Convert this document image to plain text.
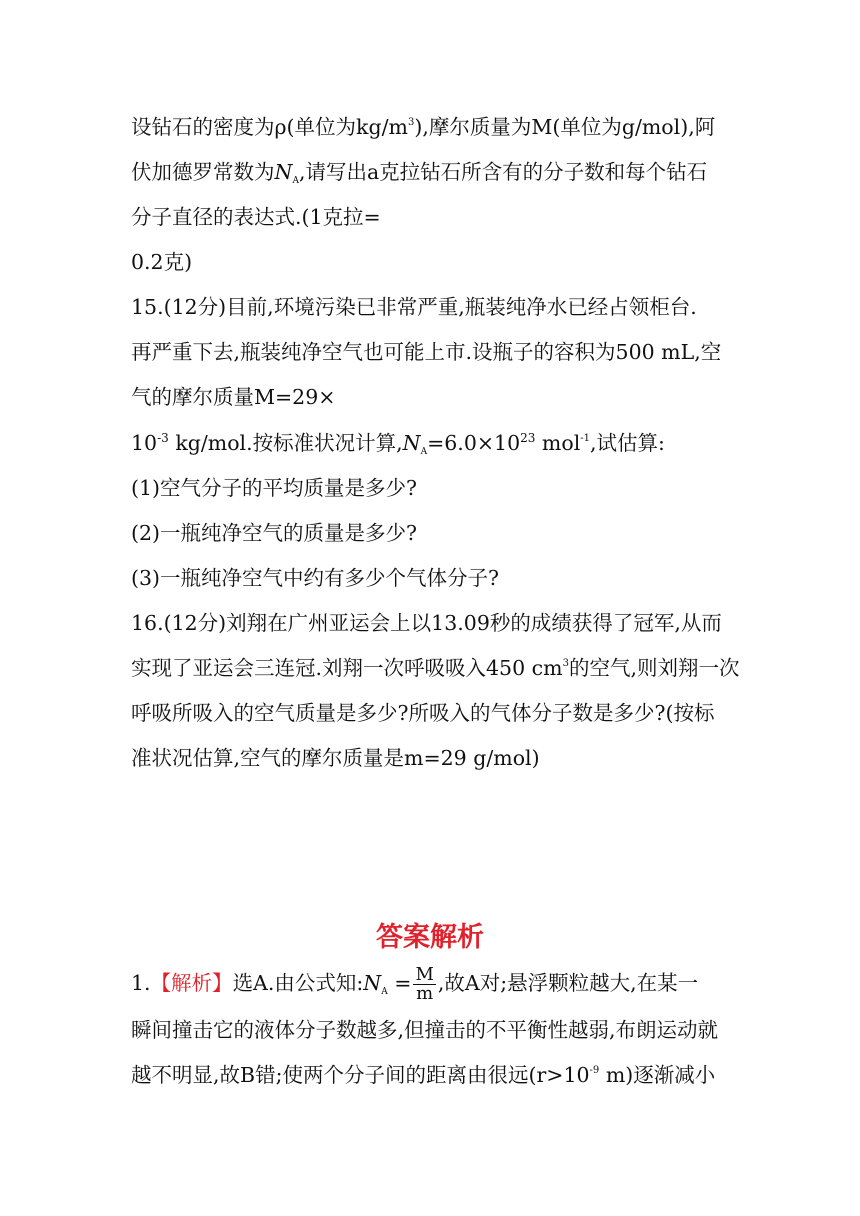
设钻石的密度为ρ(单位为$kg/m^3$),摩尔质量为M(单位为g/mol),阿
伏加德罗常数为NA,请写出a克拉钻石所含有的分子数和每个钻石
分子直径的表达式.(1克拉=
0.2克)
15.(12分)目前,环境污染已非常严重,瓶装纯净水已经占领柜台.
再严重下去,瓶装纯净空气也可能上市.设瓶子的容积为500 mL,空
气的摩尔质量M=29×
$10^{-3}$ kg/mol.按标准状况计算$,NA=6.0\times 10^{23}$ mol$^{-1}$,试估算:
(1)空气分子的平均质量是多少?
(2)一瓶纯净空气的质量是多少?
(3)一瓶纯净空气中约有多少个气体分子?
16.(12分)刘翔在广州亚运会上以13.09秒的成绩获得了冠军,从而
实现了亚运会三连冠.刘翔一次呼吸吸入450 $cm^3$的空气,则刘翔一次
呼吸所吸入的空气质量是多少?所吸入的气体分子数是多少?(按标
准状况估算,空气的摩尔质量是m=29 g/mol)
答案解析
1.【解析】选A.由公式知:NA = $\frac{M}{m}$ ,故A对;悬浮颗粒越大,在某一
瞬间撞击它的液体分子数越多,但撞击的不平衡性越弱,布朗运动就
越不明显,故B错;使两个分子间的距离由很远($r>10^{-9}$ m)逐渐减小
